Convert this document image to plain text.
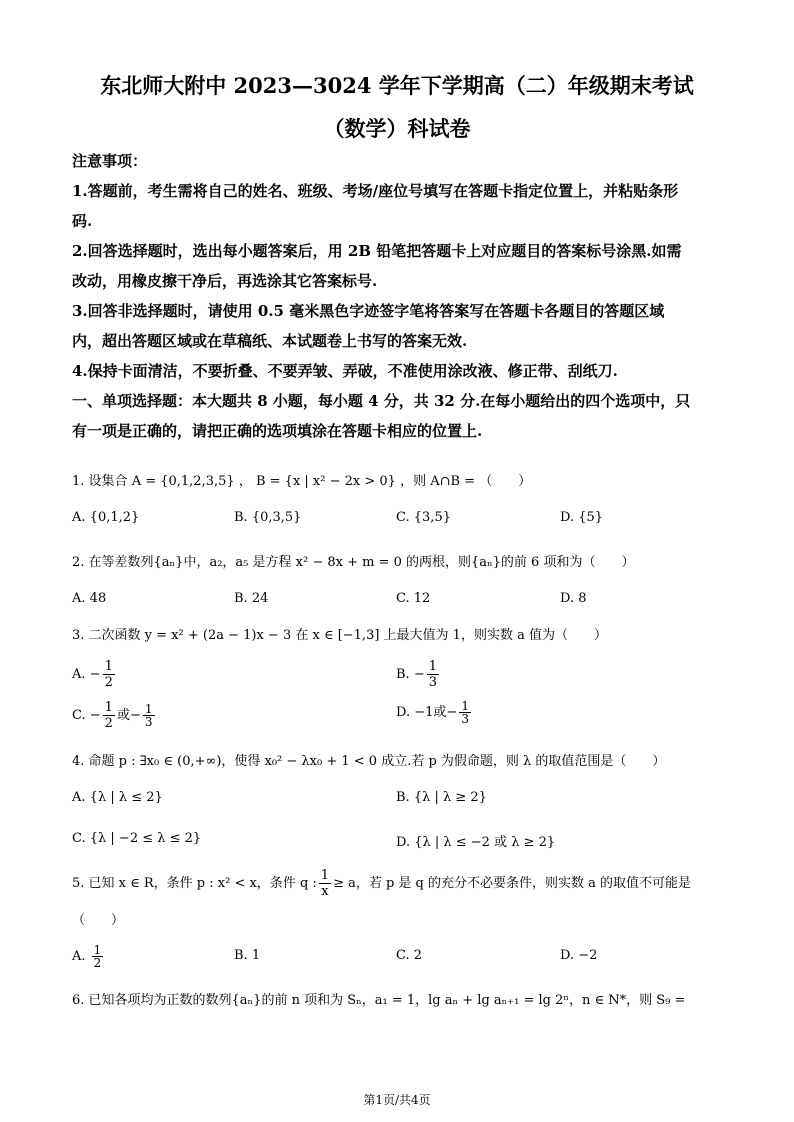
东北师大附中 2023—3024 学年下学期高（二）年级期末考试
（数学）科试卷
注意事项：
1.答题前，考生需将自己的姓名、班级、考场/座位号填写在答题卡指定位置上，并粘贴条形
码.
2.回答选择题时，选出每小题答案后，用 2B 铅笔把答题卡上对应题目的答案标号涂黑.如需
改动，用橡皮擦干净后，再选涂其它答案标号.
3.回答非选择题时，请使用 0.5 毫米黑色字迹签字笔将答案写在答题卡各题目的答题区域
内，超出答题区域或在草稿纸、本试题卷上书写的答案无效.
4.保持卡面清洁，不要折叠、不要弄皱、弄破，不准使用涂改液、修正带、刮纸刀.
一、单项选择题：本大题共 8 小题，每小题 4 分，共 32 分.在每小题给出的四个选项中，只
有一项是正确的，请把正确的选项填涂在答题卡相应的位置上.
1. 设集合 A = {0,1,2,3,5} ， B = {x | x² − 2x > 0} ，则 A∩B = （　　）
A. {0,1,2}	B. {0,3,5}	C. {3,5}	D. {5}
2. 在等差数列{aₙ}中，a₂，a₅ 是方程 x² − 8x + m = 0 的两根，则{aₙ}的前 6 项和为（　　）
A. 48	B. 24	C. 12	D. 8
3. 二次函数 y = x² + (2a − 1)x − 3 在 x ∈ [−1,3] 上最大值为 1，则实数 a 值为（　　）
A. − $\frac{1}{2}$	B. − $\frac{1}{3}$
C. − $\frac{1}{2}$ 或− $\frac{1}{3}$	D. −1或− $\frac{1}{3}$
4. 命题 p : ∃x₀ ∈ (0,+∞)，使得 x₀² − λx₀ + 1 < 0 成立.若 p 为假命题，则 λ 的取值范围是（　　）
A. {λ | λ ≤ 2}	B. {λ | λ ≥ 2}
C. {λ | −2 ≤ λ ≤ 2}	D. {λ | λ ≤ −2 或 λ ≥ 2}
5. 已知 x ∈ R，条件 p : x² < x，条件 q : $\frac{1}{x} \ge a$，若 p 是 q 的充分不必要条件，则实数 a 的取值不可能是
（　　）
A. $\frac{1}{2}$	B. 1	C. 2	D. −2
6. 已知各项均为正数的数列{aₙ}的前 n 项和为 Sₙ，a₁ = 1，lg aₙ + lg aₙ₊₁ = lg 2ⁿ，n ∈ N*，则 S₉ =
第1页/共4页
